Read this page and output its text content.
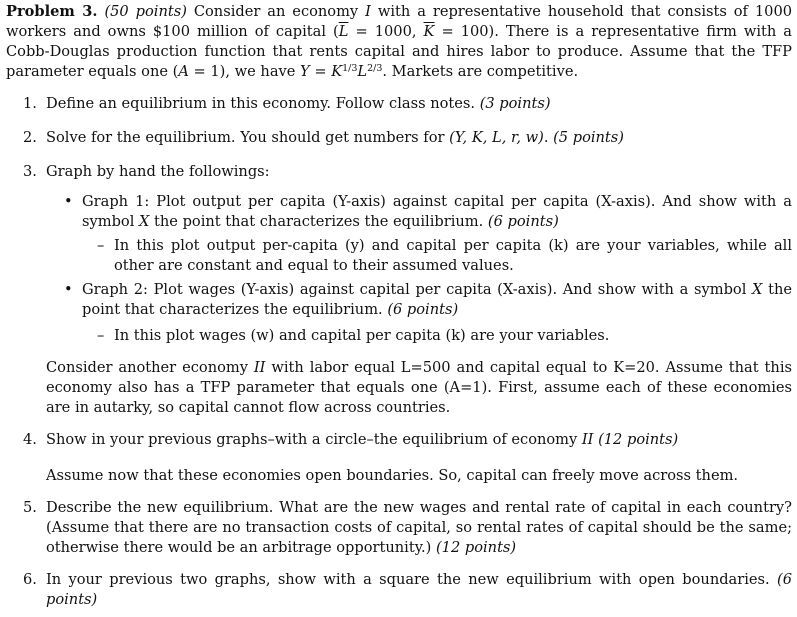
Problem 3. (50 points) Consider an economy I with a representative household that consists of 1000 workers and owns $100 million of capital ($\overline{L} = 1000$, $\overline{K} = 100$). There is a representative firm with a Cobb-Douglas production function that rents capital and hires labor to produce. Assume that the TFP parameter equals one (A = 1), we have $Y = K^{1/3}L^{2/3}$. Markets are competitive.

1. Define an equilibrium in this economy. Follow class notes. (3 points)

2. Solve for the equilibrium. You should get numbers for (Y, K, L, r, w). (5 points)

3. Graph by hand the followings:

• Graph 1: Plot output per capita (Y-axis) against capital per capita (X-axis). And show with a symbol X the point that characterizes the equilibrium. (6 points)

– In this plot output per-capita (y) and capital per capita (k) are your variables, while all other are constant and equal to their assumed values.

• Graph 2: Plot wages (Y-axis) against capital per capita (X-axis). And show with a symbol X the point that characterizes the equilibrium. (6 points)

– In this plot wages (w) and capital per capita (k) are your variables.

Consider another economy II with labor equal L=500 and capital equal to K=20. Assume that this economy also has a TFP parameter that equals one (A=1). First, assume each of these economies are in autarky, so capital cannot flow across countries.

4. Show in your previous graphs–with a circle–the equilibrium of economy II (12 points)

Assume now that these economies open boundaries. So, capital can freely move across them.

5. Describe the new equilibrium. What are the new wages and rental rate of capital in each country? (Assume that there are no transaction costs of capital, so rental rates of capital should be the same; otherwise there would be an arbitrage opportunity.) (12 points)

6. In your previous two graphs, show with a square the new equilibrium with open boundaries. (6 points)
